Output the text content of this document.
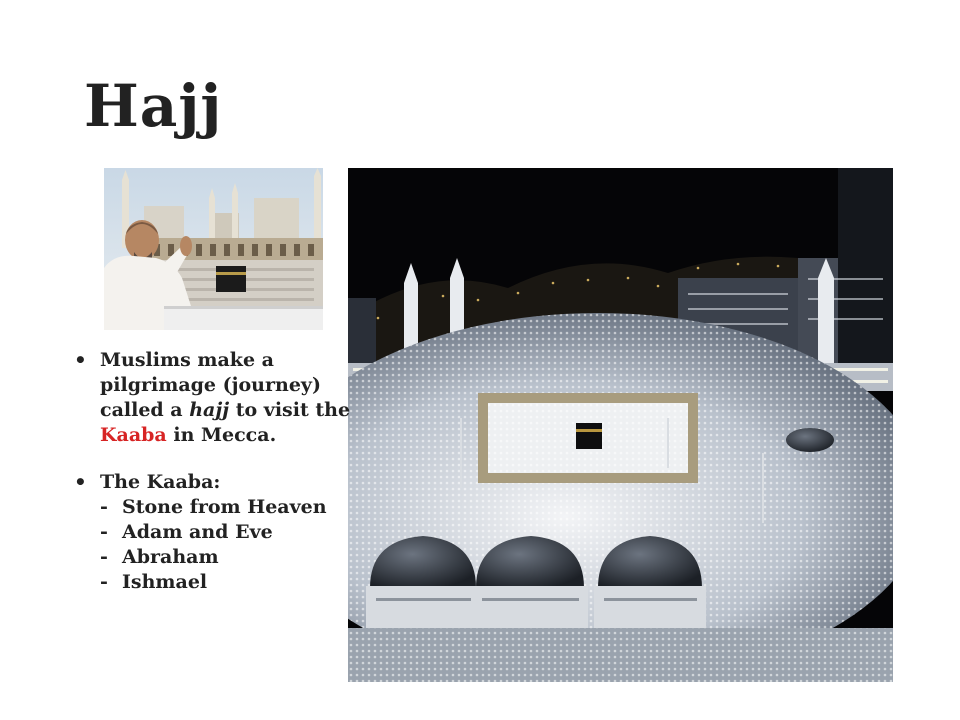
Hajj
• Muslims make a pilgrimage (journey) called a hajj to visit the Kaaba in Mecca.
• The Kaaba:
- Stone from Heaven
- Adam and Eve
- Abraham
- Ishmael
